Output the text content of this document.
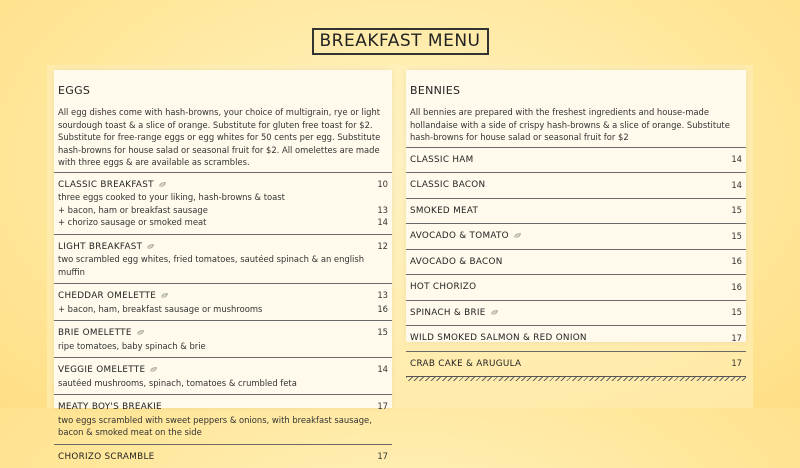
BREAKFAST MENU
EGGS
All egg dishes come with hash-browns, your choice of multigrain, rye or light sourdough toast & a slice of orange. Substitute for gluten free toast for $2. Substitute for free-range eggs or egg whites for 50 cents per egg. Substitute hash-browns for house salad or seasonal fruit for $2. All omelettes are made with three eggs & are available as scrambles.
CLASSIC BREAKFAST	10
three eggs cooked to your liking, hash-browns & toast
+ bacon, ham or breakfast sausage	13
+ chorizo sausage or smoked meat	14
LIGHT BREAKFAST	12
two scrambled egg whites, fried tomatoes, sautéed spinach & an english muffin
CHEDDAR OMELETTE	13
+ bacon, ham, breakfast sausage or mushrooms	16
BRIE OMELETTE	15
ripe tomatoes, baby spinach & brie
VEGGIE OMELETTE	14
sautéed mushrooms, spinach, tomatoes & crumbled feta
MEATY BOY'S BREAKIE	17
two eggs scrambled with sweet peppers & onions, with breakfast sausage, bacon & smoked meat on the side
CHORIZO SCRAMBLE	17
BENNIES
All bennies are prepared with the freshest ingredients and house-made hollandaise with a side of crispy hash-browns & a slice of orange. Substitute hash-browns for house salad or seasonal fruit for $2
CLASSIC HAM	14
CLASSIC BACON	14
SMOKED MEAT	15
AVOCADO & TOMATO	15
AVOCADO & BACON	16
HOT CHORIZO	16
SPINACH & BRIE	15
WILD SMOKED SALMON & RED ONION	17
CRAB CAKE & ARUGULA	17
